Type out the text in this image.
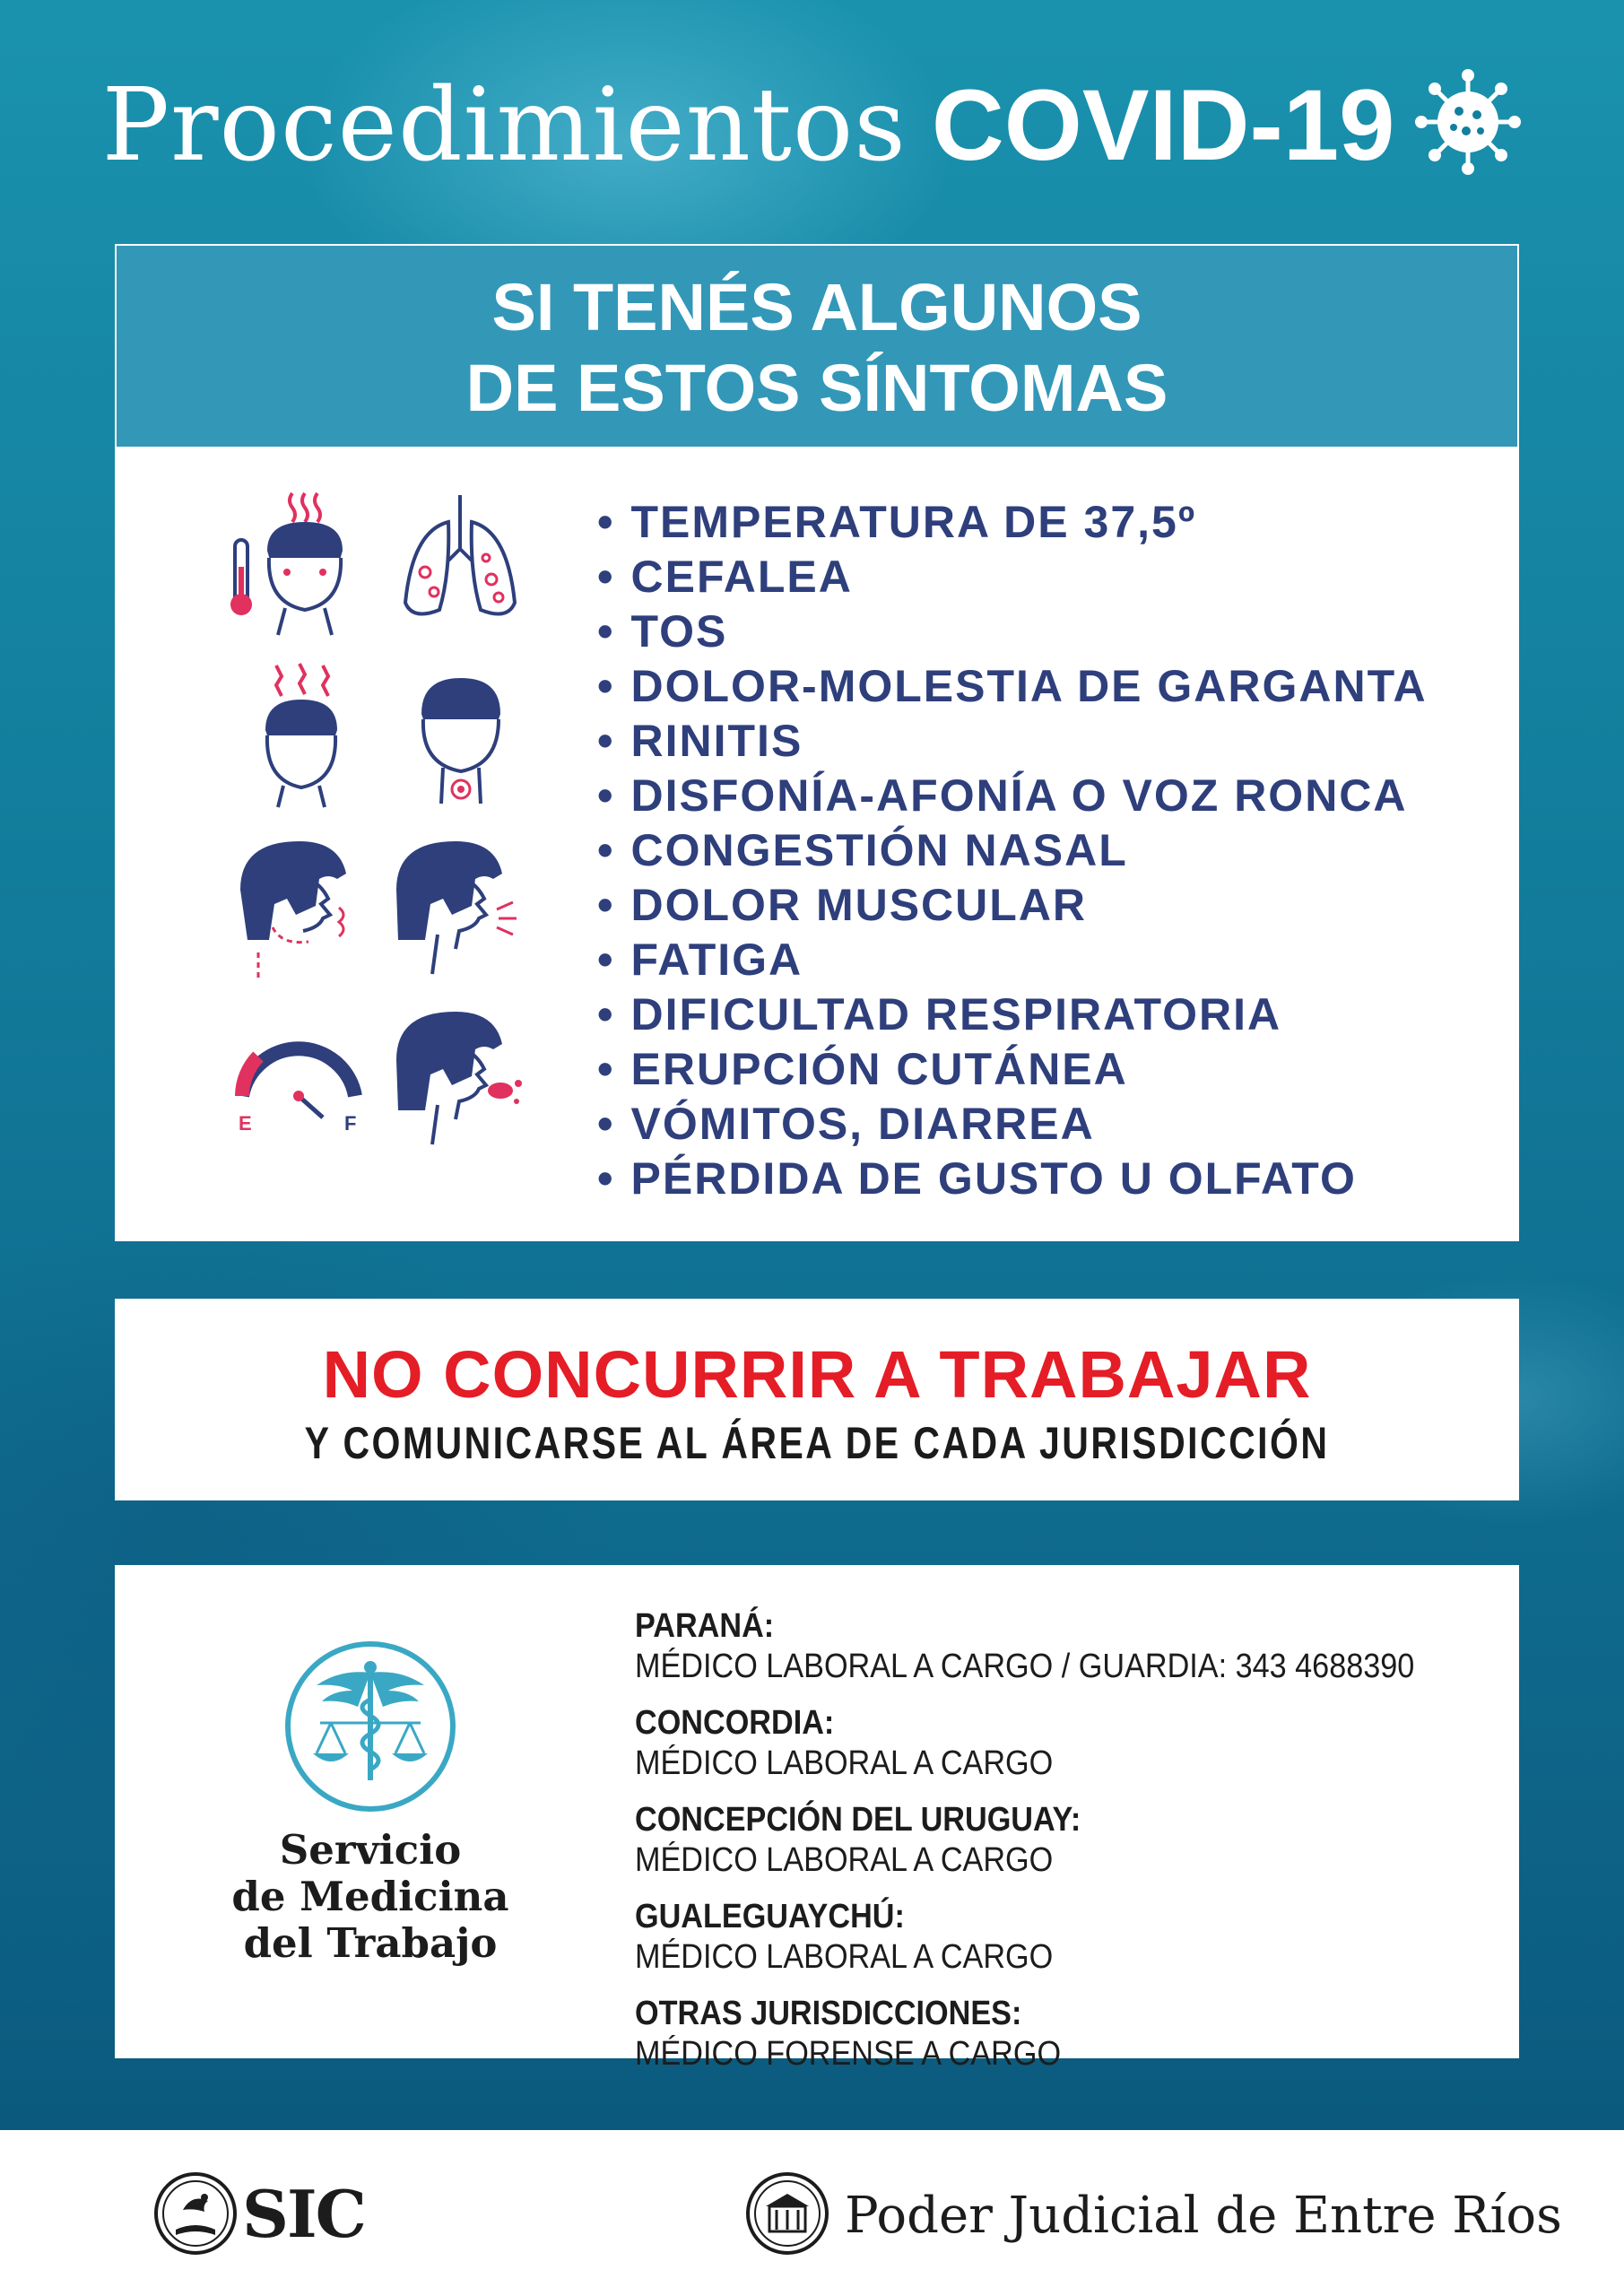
Procedimientos COVID-19
SI TENÉS ALGUNOS
DE ESTOS SÍNTOMAS
E	F
• TEMPERATURA DE 37,5º
• CEFALEA
• TOS
• DOLOR-MOLESTIA DE GARGANTA
• RINITIS
• DISFONÍA-AFONÍA O VOZ RONCA
• CONGESTIÓN NASAL
• DOLOR MUSCULAR
• FATIGA
• DIFICULTAD RESPIRATORIA
• ERUPCIÓN CUTÁNEA
• VÓMITOS, DIARREA
• PÉRDIDA DE GUSTO U OLFATO
NO CONCURRIR A TRABAJAR
Y COMUNICARSE AL ÁREA DE CADA JURISDICCIÓN
Servicio
de Medicina
del Trabajo
PARANÁ:
MÉDICO LABORAL A CARGO / GUARDIA: 343 4688390
CONCORDIA:
MÉDICO LABORAL A CARGO
CONCEPCIÓN DEL URUGUAY:
MÉDICO LABORAL A CARGO
GUALEGUAYCHÚ:
MÉDICO LABORAL A CARGO
OTRAS JURISDICCIONES:
MÉDICO FORENSE A CARGO
SIC	Poder Judicial de Entre Ríos
